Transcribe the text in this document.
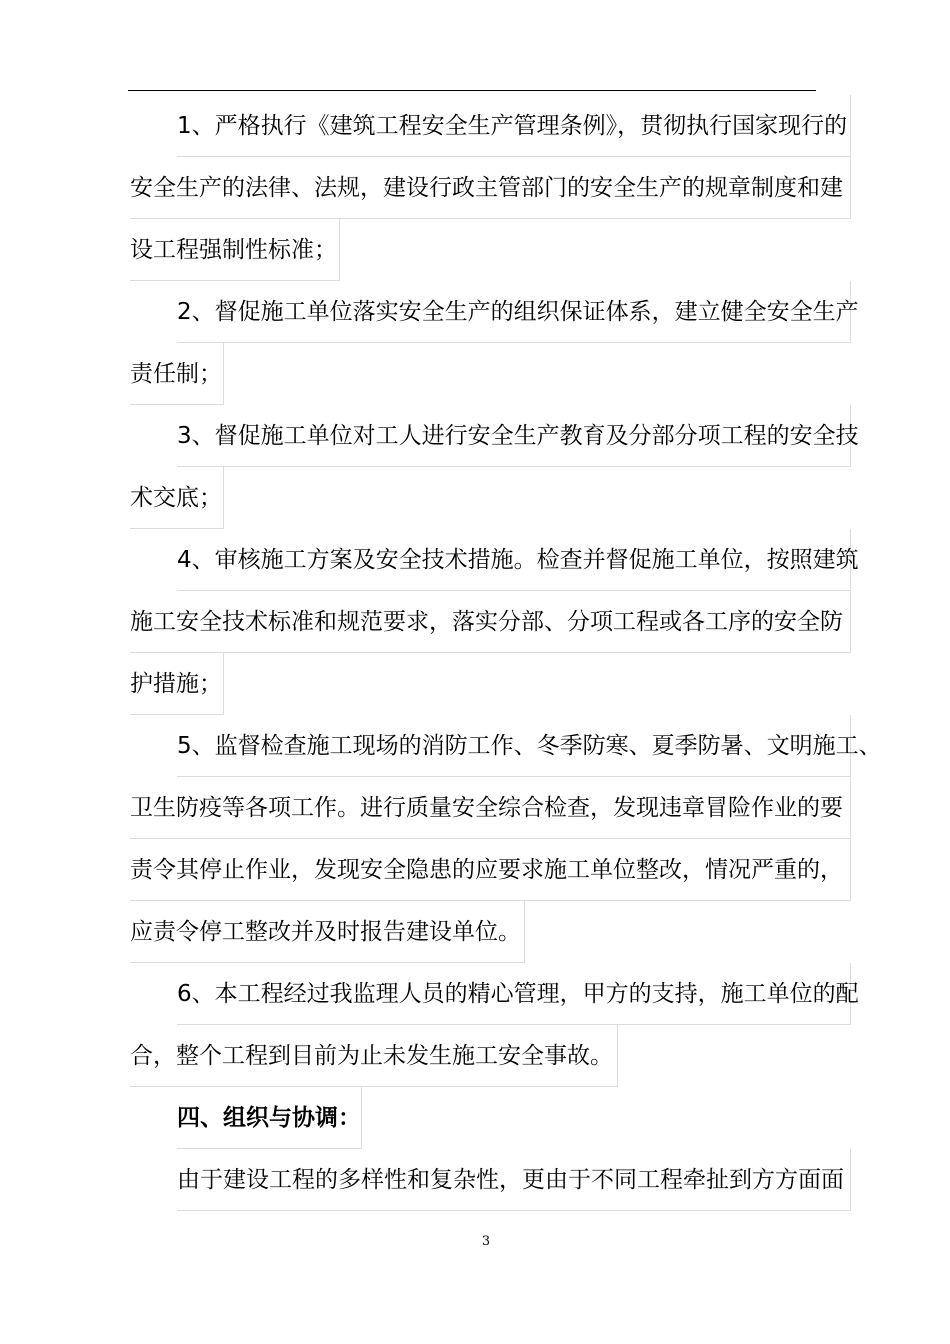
1、严格执行《建筑工程安全生产管理条例》，贯彻执行国家现行的
安全生产的法律、法规，建设行政主管部门的安全生产的规章制度和建
设工程强制性标准；
2、督促施工单位落实安全生产的组织保证体系，建立健全安全生产
责任制；
3、督促施工单位对工人进行安全生产教育及分部分项工程的安全技
术交底；
4、审核施工方案及安全技术措施。检查并督促施工单位，按照建筑
施工安全技术标准和规范要求，落实分部、分项工程或各工序的安全防
护措施；
5、监督检查施工现场的消防工作、冬季防寒、夏季防暑、文明施工、
卫生防疫等各项工作。进行质量安全综合检查，发现违章冒险作业的要
责令其停止作业，发现安全隐患的应要求施工单位整改，情况严重的，
应责令停工整改并及时报告建设单位。
6、本工程经过我监理人员的精心管理，甲方的支持，施工单位的配
合，整个工程到目前为止未发生施工安全事故。
四、组织与协调：
由于建设工程的多样性和复杂性，更由于不同工程牵扯到方方面面
3
